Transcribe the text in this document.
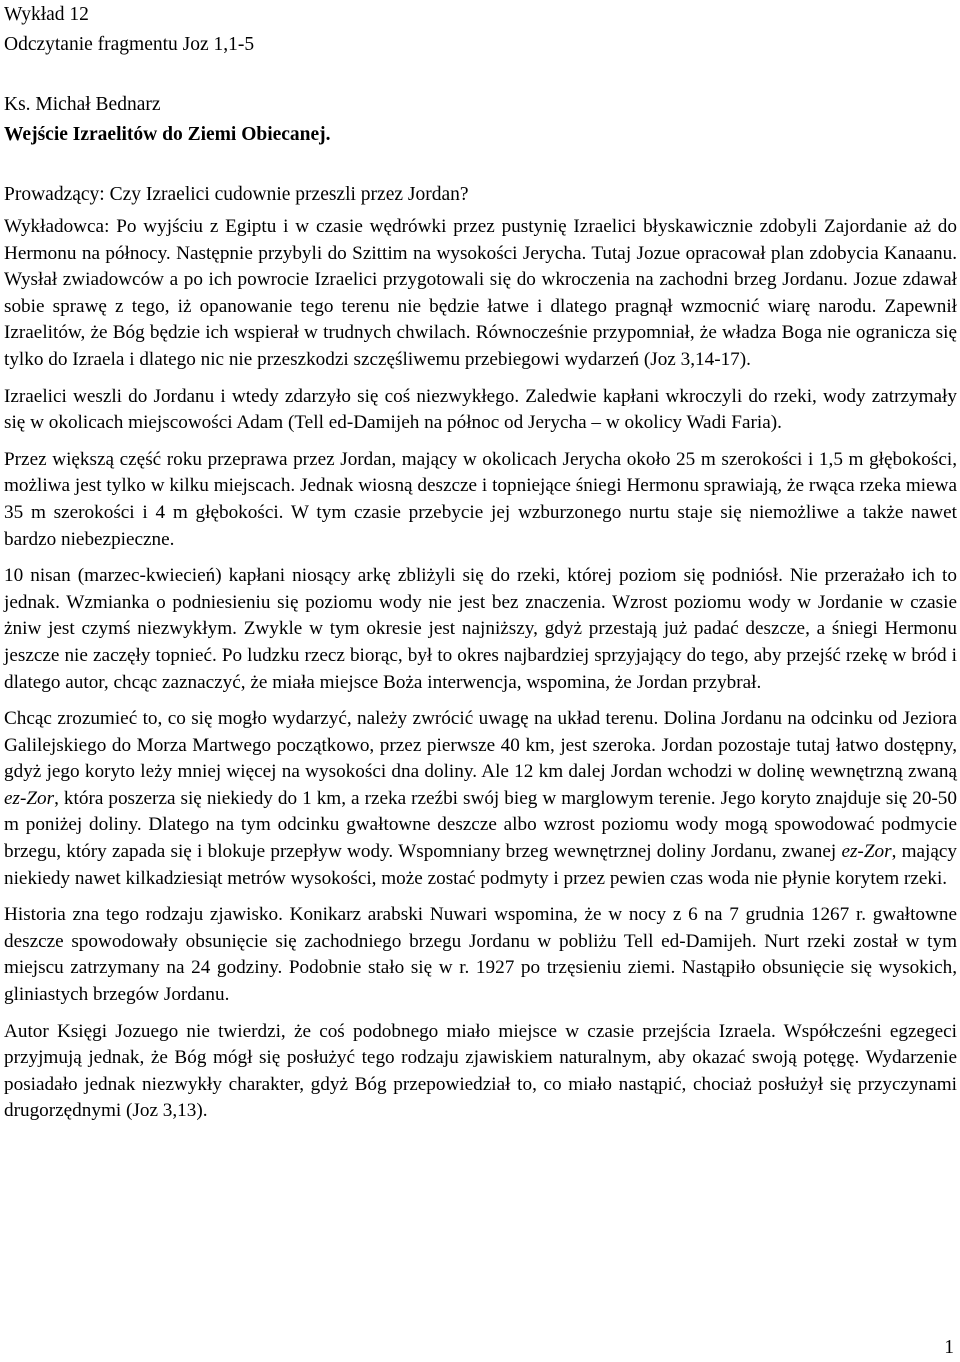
Wykład 12
Odczytanie fragmentu Joz 1,1-5
Ks. Michał Bednarz
Wejście Izraelitów do Ziemi Obiecanej.
Prowadzący: Czy Izraelici cudownie przeszli przez Jordan?

Wykładowca: Po wyjściu z Egiptu i w czasie wędrówki przez pustynię Izraelici błyskawicznie zdobyli Zajordanie aż do Hermonu na północy. Następnie przybyli do Szittim na wysokości Jerycha. Tutaj Jozue opracował plan zdobycia Kanaanu. Wysłał zwiadowców a po ich powrocie Izraelici przygotowali się do wkroczenia na zachodni brzeg Jordanu. Jozue zdawał sobie sprawę z tego, iż opanowanie tego terenu nie będzie łatwe i dlatego pragnął wzmocnić wiarę narodu. Zapewnił Izraelitów, że Bóg będzie ich wspierał w trudnych chwilach. Równocześnie przypomniał, że władza Boga nie ogranicza się tylko do Izraela i dlatego nic nie przeszkodzi szczęśliwemu przebiegowi wydarzeń (Joz 3,14-17).

Izraelici weszli do Jordanu i wtedy zdarzyło się coś niezwykłego. Zaledwie kapłani wkroczyli do rzeki, wody zatrzymały się w okolicach miejscowości Adam (Tell ed-Damijeh na północ od Jerycha – w okolicy Wadi Faria).

Przez większą część roku przeprawa przez Jordan, mający w okolicach Jerycha około 25 m szerokości i 1,5 m głębokości, możliwa jest tylko w kilku miejscach. Jednak wiosną deszcze i topniejące śniegi Hermonu sprawiają, że rwąca rzeka miewa 35 m szerokości i 4 m głębokości. W tym czasie przebycie jej wzburzonego nurtu staje się niemożliwe a także nawet bardzo niebezpieczne.

10 nisan (marzec-kwiecień) kapłani niosący arkę zbliżyli się do rzeki, której poziom się podniósł. Nie przerażało ich to jednak. Wzmianka o podniesieniu się poziomu wody nie jest bez znaczenia. Wzrost poziomu wody w Jordanie w czasie żniw jest czymś niezwykłym. Zwykle w tym okresie jest najniższy, gdyż przestają już padać deszcze, a śniegi Hermonu jeszcze nie zaczęły topnieć. Po ludzku rzecz biorąc, był to okres najbardziej sprzyjający do tego, aby przejść rzekę w bród i dlatego autor, chcąc zaznaczyć, że miała miejsce Boża interwencja, wspomina, że Jordan przybrał.

Chcąc zrozumieć to, co się mogło wydarzyć, należy zwrócić uwagę na układ terenu. Dolina Jordanu na odcinku od Jeziora Galilejskiego do Morza Martwego początkowo, przez pierwsze 40 km, jest szeroka. Jordan pozostaje tutaj łatwo dostępny, gdyż jego koryto leży mniej więcej na wysokości dna doliny. Ale 12 km dalej Jordan wchodzi w dolinę wewnętrzną zwaną ez-Zor, która poszerza się niekiedy do 1 km, a rzeka rzeźbi swój bieg w marglowym terenie. Jego koryto znajduje się 20-50 m poniżej doliny. Dlatego na tym odcinku gwałtowne deszcze albo wzrost poziomu wody mogą spowodować podmycie brzegu, który zapada się i blokuje przepływ wody. Wspomniany brzeg wewnętrznej doliny Jordanu, zwanej ez-Zor, mający niekiedy nawet kilkadziesiąt metrów wysokości, może zostać podmyty i przez pewien czas woda nie płynie korytem rzeki.

Historia zna tego rodzaju zjawisko. Konikarz arabski Nuwari wspomina, że w nocy z 6 na 7 grudnia 1267 r. gwałtowne deszcze spowodowały obsunięcie się zachodniego brzegu Jordanu w pobliżu Tell ed-Damijeh. Nurt rzeki został w tym miejscu zatrzymany na 24 godziny. Podobnie stało się w r. 1927 po trzęsieniu ziemi. Nastąpiło obsunięcie się wysokich, gliniastych brzegów Jordanu.

Autor Księgi Jozuego nie twierdzi, że coś podobnego miało miejsce w czasie przejścia Izraela. Współcześni egzegeci przyjmują jednak, że Bóg mógł się posłużyć tego rodzaju zjawiskiem naturalnym, aby okazać swoją potęgę. Wydarzenie posiadało jednak niezwykły charakter, gdyż Bóg przepowiedział to, co miało nastąpić, chociaż posłużył się przyczynami drugorzędnymi (Joz 3,13).

1
